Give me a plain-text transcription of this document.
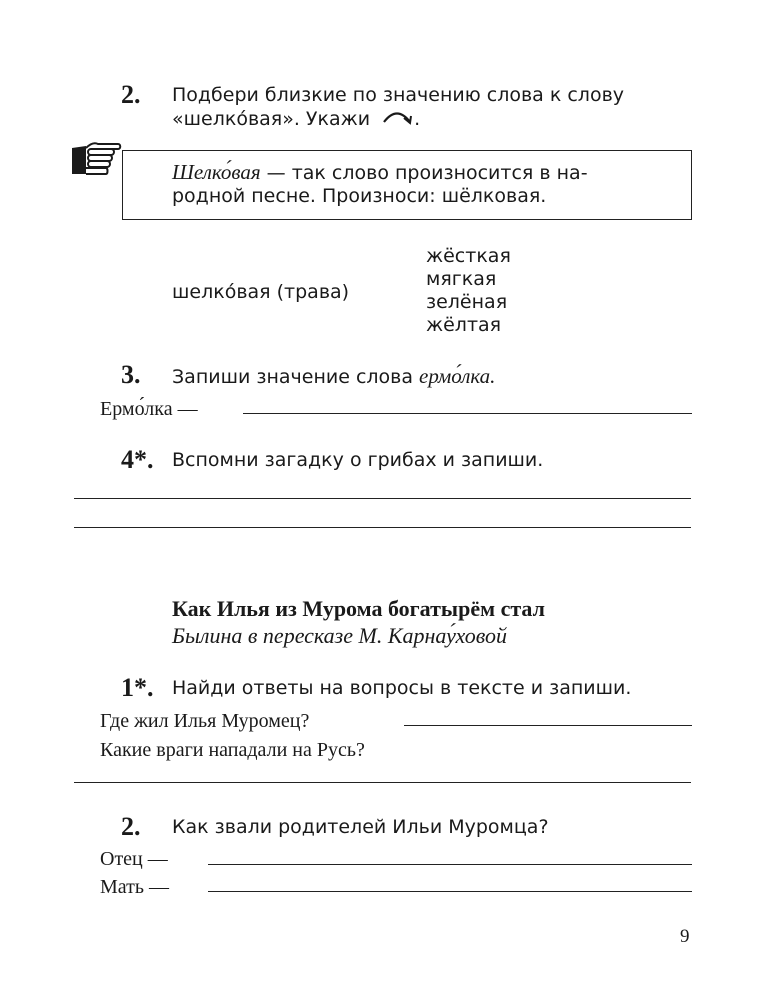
2. Подбери близкие по значению слова к слову
«шелко́вая». Укажи .
Шелко́вая — так слово произносится в на-
родной песне. Произноси: шёлковая.
шелко́вая (трава)
жёсткая
мягкая
зелёная
жёлтая
3. Запиши значение слова ермо́лка.
Ермо́лка —
4*. Вспомни загадку о грибах и запиши.
Как Илья из Мурома богатырём стал
Былина в пересказе М. Карнау́ховой
1*. Найди ответы на вопросы в тексте и запиши.
Где жил Илья Муромец?
Какие враги нападали на Русь?
2. Как звали родителей Ильи Муромца?
Отец —
Мать —
9
